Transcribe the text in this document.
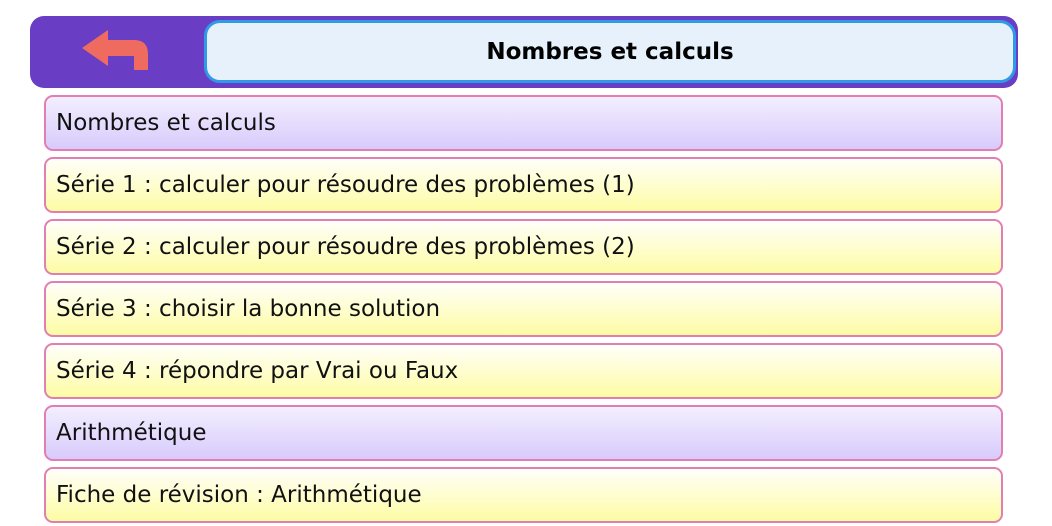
Nombres et calculs
Nombres et calculs
Série 1 : calculer pour résoudre des problèmes (1)
Série 2 : calculer pour résoudre des problèmes (2)
Série 3 : choisir la bonne solution
Série 4 : répondre par Vrai ou Faux
Arithmétique
Fiche de révision : Arithmétique
